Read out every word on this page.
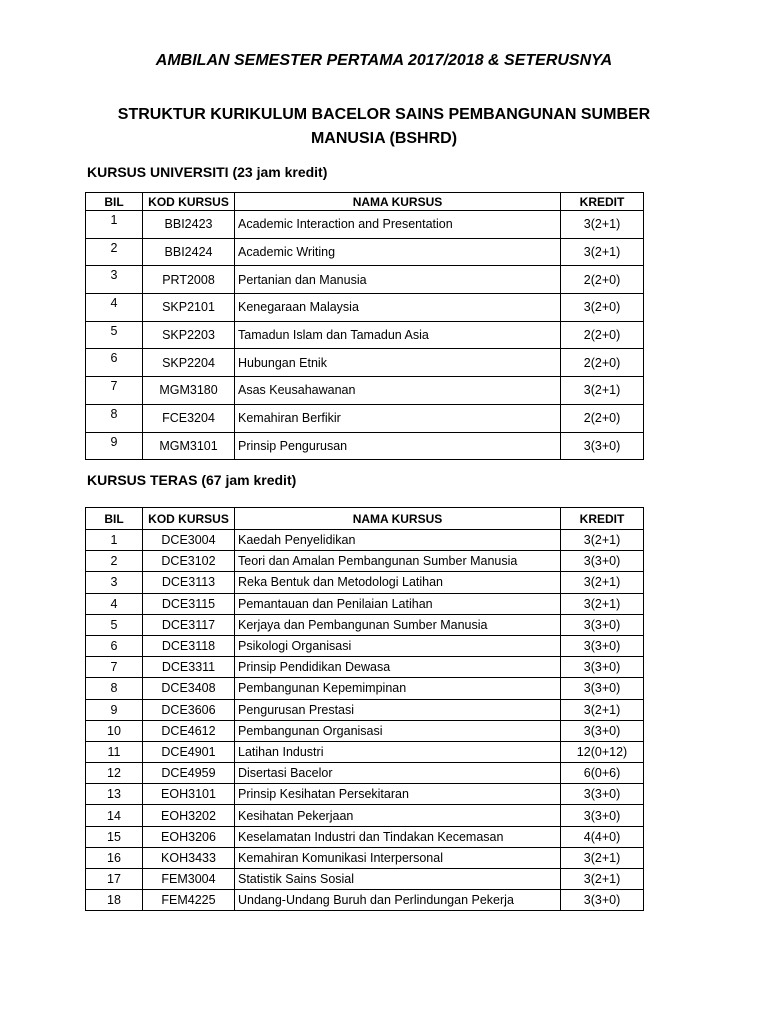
AMBILAN SEMESTER PERTAMA 2017/2018 & SETERUSNYA
STRUKTUR KURIKULUM BACELOR SAINS PEMBANGUNAN SUMBER MANUSIA (BSHRD)
KURSUS UNIVERSITI (23 jam kredit)
BIL	KOD KURSUS	NAMA KURSUS	KREDIT
1	BBI2423	Academic Interaction and Presentation	3(2+1)
2	BBI2424	Academic Writing	3(2+1)
3	PRT2008	Pertanian dan Manusia	2(2+0)
4	SKP2101	Kenegaraan Malaysia	3(2+0)
5	SKP2203	Tamadun Islam dan Tamadun Asia	2(2+0)
6	SKP2204	Hubungan Etnik	2(2+0)
7	MGM3180	Asas Keusahawanan	3(2+1)
8	FCE3204	Kemahiran Berfikir	2(2+0)
9	MGM3101	Prinsip Pengurusan	3(3+0)
KURSUS TERAS (67 jam kredit)
BIL	KOD KURSUS	NAMA KURSUS	KREDIT
1	DCE3004	Kaedah Penyelidikan	3(2+1)
2	DCE3102	Teori dan Amalan Pembangunan Sumber Manusia	3(3+0)
3	DCE3113	Reka Bentuk dan Metodologi Latihan	3(2+1)
4	DCE3115	Pemantauan dan Penilaian Latihan	3(2+1)
5	DCE3117	Kerjaya dan Pembangunan Sumber Manusia	3(3+0)
6	DCE3118	Psikologi Organisasi	3(3+0)
7	DCE3311	Prinsip Pendidikan Dewasa	3(3+0)
8	DCE3408	Pembangunan Kepemimpinan	3(3+0)
9	DCE3606	Pengurusan Prestasi	3(2+1)
10	DCE4612	Pembangunan Organisasi	3(3+0)
11	DCE4901	Latihan Industri	12(0+12)
12	DCE4959	Disertasi Bacelor	6(0+6)
13	EOH3101	Prinsip Kesihatan Persekitaran	3(3+0)
14	EOH3202	Kesihatan Pekerjaan	3(3+0)
15	EOH3206	Keselamatan Industri dan Tindakan Kecemasan	4(4+0)
16	KOH3433	Kemahiran Komunikasi Interpersonal	3(2+1)
17	FEM3004	Statistik Sains Sosial	3(2+1)
18	FEM4225	Undang-Undang Buruh dan Perlindungan Pekerja	3(3+0)
